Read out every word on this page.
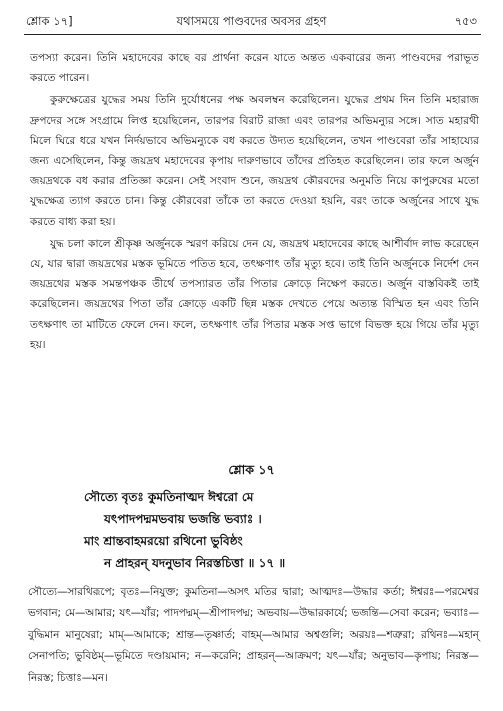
শ্লোক ১৭]	যথাসময়ে পাণ্ডবদের অবসর গ্রহণ	৭৫৩

তপস্যা করেন। তিনি মহাদেবের কাছে বর প্রার্থনা করেন যাতে অন্তত একবারের জন্য পাণ্ডবদের পরাভূত করতে পারেন।

কুরুক্ষেত্রের যুদ্ধের সময় তিনি দুর্যোধনের পক্ষ অবলম্বন করেছিলেন। যুদ্ধের প্রথম দিন তিনি মহারাজ দ্রুপদের সঙ্গে সংগ্রামে লিপ্ত হয়েছিলেন, তারপর বিরাট রাজা এবং তারপর অভিমন্যুর সঙ্গে। সাত মহারথী মিলে ঘিরে ধরে যখন নির্দয়ভাবে অভিমন্যুকে বধ করতে উদ্যত হয়েছিলেন, তখন পাণ্ডবেরা তাঁর সাহায্যের জন্য এসেছিলেন, কিন্তু জয়দ্রথ মহাদেবের কৃপায় দারুণভাবে তাঁদের প্রতিহত করেছিলেন। তার ফলে অর্জুন জয়দ্রথকে বধ করার প্রতিজ্ঞা করেন। সেই সংবাদ শুনে, জয়দ্রথ কৌরবদের অনুমতি নিয়ে কাপুরুষের মতো যুদ্ধক্ষেত্র ত্যাগ করতে চান। কিন্তু কৌরবেরা তাঁকে তা করতে দেওয়া হয়নি, বরং তাকে অর্জুনের সাথে যুদ্ধ করতে বাধ্য করা হয়।

যুদ্ধ চলা কালে শ্রীকৃষ্ণ অর্জুনকে স্মরণ করিয়ে দেন যে, জয়দ্রথ মহাদেবের কাছে আশীর্বাদ লাভ করেছেন যে, যার দ্বারা জয়দ্রথের মস্তক ভূমিতে পতিত হবে, তৎক্ষণাৎ তাঁর মৃত্যু হবে। তাই তিনি অর্জুনকে নির্দেশ দেন জয়দ্রথের মস্তক সমন্তপঞ্চক তীর্থে তপস্যারত তাঁর পিতার ক্রোড়ে নিক্ষেপ করতে। অর্জুন বাস্তবিকই তাই করেছিলেন। জয়দ্রথের পিতা তাঁর ক্রোড়ে একটি ছিন্ন মস্তক দেখতে পেয়ে অত্যন্ত বিস্মিত হন এবং তিনি তৎক্ষণাৎ তা মাটিতে ফেলে দেন। ফলে, তৎক্ষণাৎ তাঁর পিতার মস্তক সপ্ত ভাগে বিভক্ত হয়ে গিয়ে তাঁর মৃত্যু হয়।

শ্লোক ১৭
সৌত্যে বৃতঃ কুমতিনাত্মদ ঈশ্বরো মে
যৎপাদপদ্মমভবায় ভজন্তি ভব্যাঃ ।
মাং শ্রান্তবাহমরয়ো রথিনো ভুবিষ্ঠং
ন প্রাহরন্ যদনুভাব নিরস্তচিত্তা ॥ ১৭ ॥
সৌত্যে—সারথিরূপে; বৃতঃ—নিযুক্ত; কুমতিনা—অসৎ মতির দ্বারা; আত্মদঃ—উদ্ধার কর্তা; ঈশ্বরঃ—পরমেশ্বর ভগবান; মে—আমার; যৎ—যাঁর; পাদপদ্মম্—শ্রীপাদপদ্ম; অভবায়—উদ্ধারকার্যে; ভজন্তি—সেবা করেন; ভব্যাঃ—বুদ্ধিমান মানুষেরা; মাম্—আমাকে; শ্রান্ত—তৃষ্ণার্ত; বাহম্—আমার অশ্বগুলি; অরয়ঃ—শত্রুরা; রথিনঃ—মহান্ সেনাপতি; ভুবিষ্ঠম্—ভূমিতে দণ্ডায়মান; ন—করেনি; প্রাহরন্—আক্রমণ; যৎ—যাঁর; অনুভাব—কৃপায়; নিরস্ত—নিরস্ত; চিত্তাঃ—মন।
